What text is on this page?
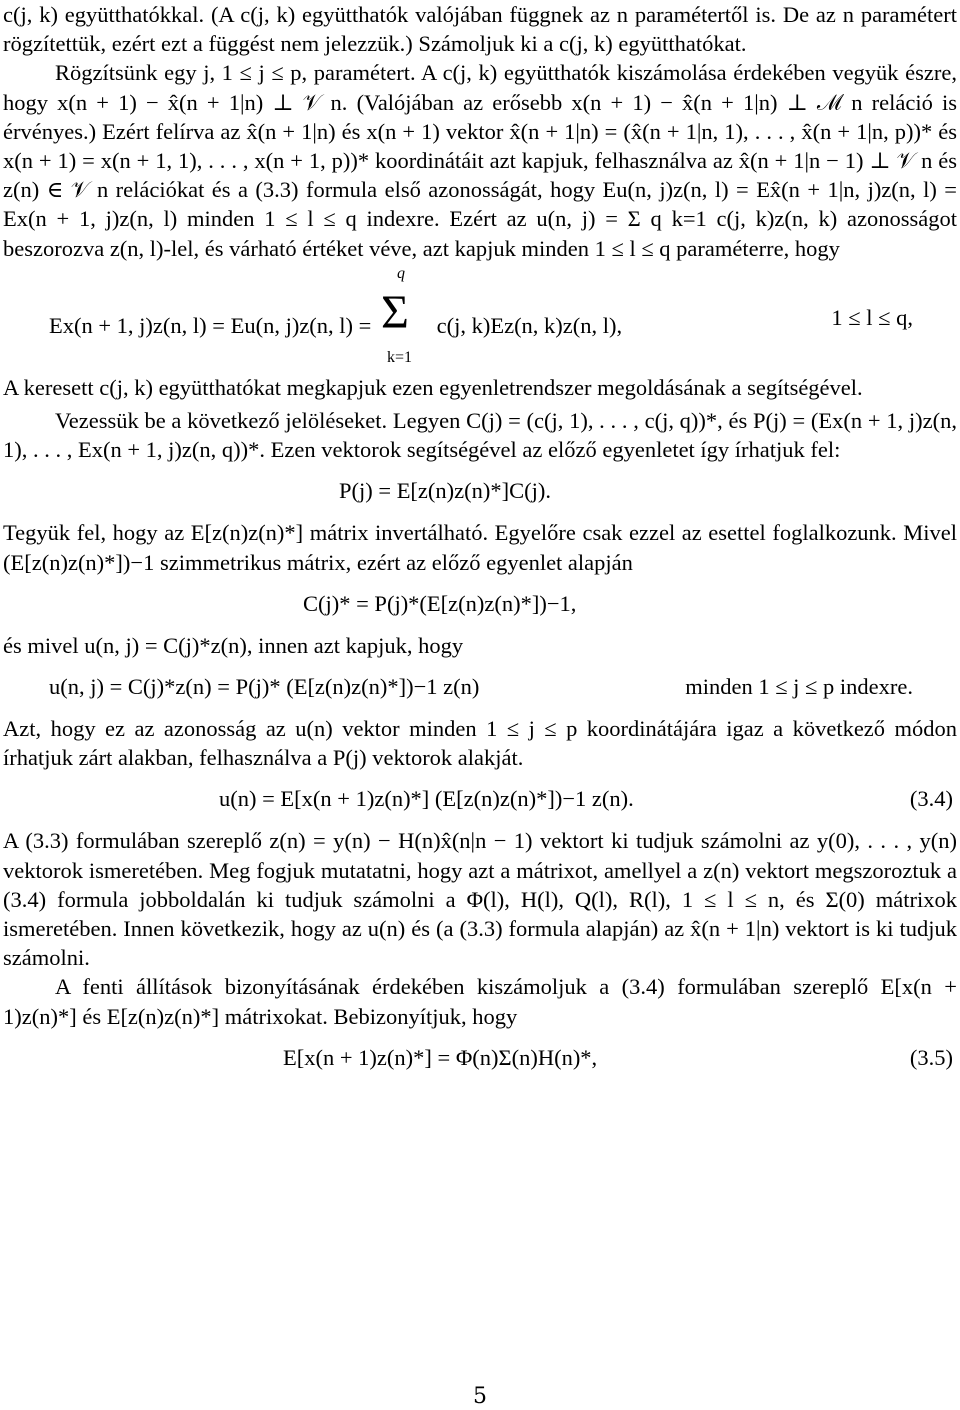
c(j, k) együtthatókkal. (A c(j, k) együtthatók valójában függnek az n paramétertől is. De az n paramétert rögzítettük, ezért ezt a függést nem jelezzük.) Számoljuk ki a c(j, k) együtthatókat.

Rögzítsünk egy j, 1 ≤ j ≤ p, paramétert. A c(j, k) együtthatók kiszámolása érdekében vegyük észre, hogy x(n + 1) − x̂(n + 1|n) ⊥ 𝒱 n. (Valójában az erősebb x(n + 1) − x̂(n + 1|n) ⊥ ℳ n reláció is érvényes.) Ezért felírva az x̂(n + 1|n) és x(n + 1) vektor x̂(n + 1|n) = (x̂(n + 1|n, 1), . . . , x̂(n + 1|n, p))* és x(n + 1) = x(n + 1, 1), . . . , x(n + 1, p))* koordinátáit azt kapjuk, felhasználva az x̂(n + 1|n − 1) ⊥ 𝒱 n és z(n) ∈ 𝒱 n relációkat és a (3.3) formula első azonosságát, hogy Eu(n, j)z(n, l) = Ex̂(n + 1|n, j)z(n, l) = Ex(n + 1, j)z(n, l) minden 1 ≤ l ≤ q indexre. Ezért az u(n, j) = Σ q k=1 c(j, k)z(n, k) azonosságot beszorozva z(n, l)-lel, és várható értéket véve, azt kapjuk minden 1 ≤ l ≤ q paraméterre, hogy

Ex(n + 1, j)z(n, l) = Eu(n, j)z(n, l) = Σ
q
k=1
c(j, k)Ez(n, k)z(n, l),	1 ≤ l ≤ q,

A keresett c(j, k) együtthatókat megkapjuk ezen egyenletrendszer megoldásának a segítségével.

Vezessük be a következő jelöléseket. Legyen C(j) = (c(j, 1), . . . , c(j, q))*, és P(j) = (Ex(n + 1, j)z(n, 1), . . . , Ex(n + 1, j)z(n, q))*. Ezen vektorok segítségével az előző egyenletet így írhatjuk fel:

P(j) = E[z(n)z(n)*]C(j).

Tegyük fel, hogy az E[z(n)z(n)*] mátrix invertálható. Egyelőre csak ezzel az esettel foglalkozunk. Mivel (E[z(n)z(n)*])−1 szimmetrikus mátrix, ezért az előző egyenlet alapján

C(j)* = P(j)*(E[z(n)z(n)*])−1,

és mivel u(n, j) = C(j)*z(n), innen azt kapjuk, hogy

u(n, j) = C(j)*z(n) = P(j)* (E[z(n)z(n)*])−1 z(n)	minden 1 ≤ j ≤ p indexre.

Azt, hogy ez az azonosság az u(n) vektor minden 1 ≤ j ≤ p koordinátájára igaz a következő módon írhatjuk zárt alakban, felhasználva a P(j) vektorok alakját.

u(n) = E[x(n + 1)z(n)*] (E[z(n)z(n)*])−1 z(n).	(3.4)

A (3.3) formulában szereplő z(n) = y(n) − H(n)x̂(n|n − 1) vektort ki tudjuk számolni az y(0), . . . , y(n) vektorok ismeretében. Meg fogjuk mutatatni, hogy azt a mátrixot, amellyel a z(n) vektort megszoroztuk a (3.4) formula jobboldalán ki tudjuk számolni a Φ(l), H(l), Q(l), R(l), 1 ≤ l ≤ n, és Σ(0) mátrixok ismeretében. Innen következik, hogy az u(n) és (a (3.3) formula alapján) az x̂(n + 1|n) vektort is ki tudjuk számolni.

A fenti állítások bizonyításának érdekében kiszámoljuk a (3.4) formulában szereplő E[x(n + 1)z(n)*] és E[z(n)z(n)*] mátrixokat. Bebizonyítjuk, hogy

E[x(n + 1)z(n)*] = Φ(n)Σ(n)H(n)*,	(3.5)
5
